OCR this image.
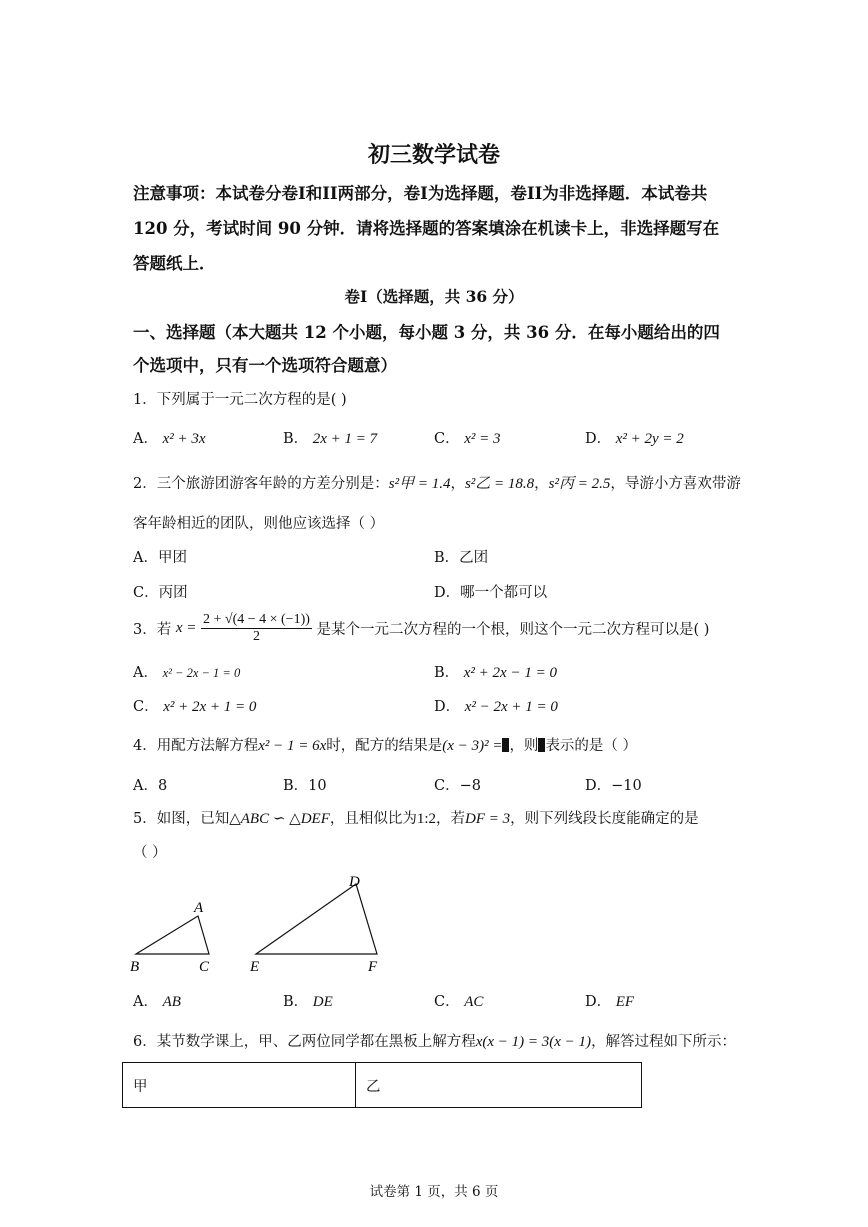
初三数学试卷
注意事项：本试卷分卷I和II两部分，卷I为选择题，卷II为非选择题．本试卷共
120 分，考试时间 90 分钟．请将选择题的答案填涂在机读卡上，非选择题写在
答题纸上．
卷I（选择题，共 36 分）
一、选择题（本大题共 12 个小题，每小题 3 分，共 36 分．在每小题给出的四
个选项中，只有一个选项符合题意）
1．下列属于一元二次方程的是( )
A． x² + 3x	B． 2x + 1 = 7	C． x² = 3	D． x² + 2y = 2
2．三个旅游团游客年龄的方差分别是：s²甲 = 1.4，s²乙 = 18.8，s²丙 = 2.5，导游小方喜欢带游
客年龄相近的团队，则他应该选择（ ）
A．甲团	B．乙团
C．丙团	D．哪一个都可以
3．若 $x = \frac{2 + √(4 - 4 \times (-1))}{2}$ 是某个一元二次方程的一个根，则这个一元二次方程可以是( )
A． x² − 2x − 1 = 0	B． x² + 2x − 1 = 0
C． x² + 2x + 1 = 0	D． x² − 2x + 1 = 0
4．用配方法解方程x² − 1 = 6x时，配方的结果是(x − 3)² = ，则 表示的是（ ）
A．8	B．10	C．−8	D．−10
5．如图，已知△ABC ∽ △DEF，且相似比为1:2，若DF = 3，则下列线段长度能确定的是
（ ）
A
B	C
D
E	F
A． AB	B． DE	C． AC	D． EF
6．某节数学课上，甲、乙两位同学都在黑板上解方程x(x − 1) = 3(x − 1)，解答过程如下所示：
甲	乙
试卷第 1 页，共 6 页
